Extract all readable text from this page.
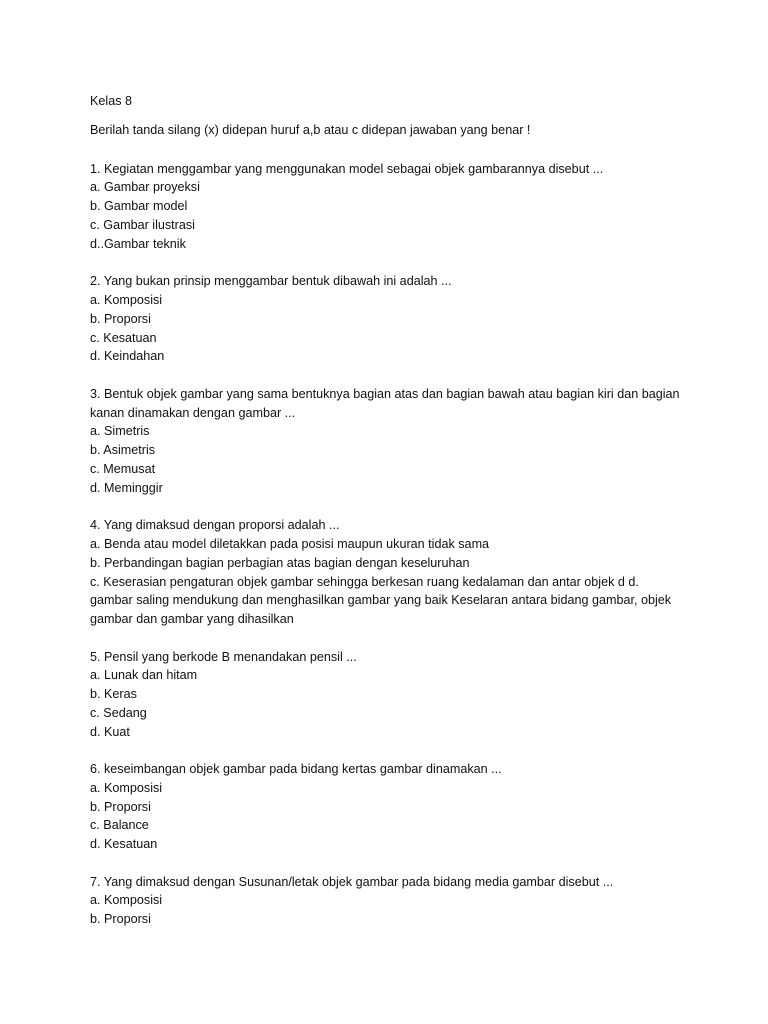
Kelas 8
Berilah tanda silang (x) didepan huruf a,b atau c didepan jawaban yang benar !
1. Kegiatan menggambar yang menggunakan model sebagai objek gambarannya disebut ...
a. Gambar proyeksi
b. Gambar model
c. Gambar ilustrasi
d..Gambar teknik
2. Yang bukan prinsip menggambar bentuk dibawah ini adalah ...
a. Komposisi
b. Proporsi
c. Kesatuan
d. Keindahan
3. Bentuk objek gambar yang sama bentuknya bagian atas dan bagian bawah atau bagian kiri dan bagian
kanan dinamakan dengan gambar ...
a. Simetris
b. Asimetris
c. Memusat
d. Meminggir
4. Yang dimaksud dengan proporsi adalah ...
a. Benda atau model diletakkan pada posisi maupun ukuran tidak sama
b. Perbandingan bagian perbagian atas bagian dengan keseluruhan
c. Keserasian pengaturan objek gambar sehingga berkesan ruang kedalaman dan antar objek d d.
gambar saling mendukung dan menghasilkan gambar yang baik Keselaran antara bidang gambar, objek
gambar dan gambar yang dihasilkan
5. Pensil yang berkode B menandakan pensil ...
a. Lunak dan hitam
b. Keras
c. Sedang
d. Kuat
6. keseimbangan objek gambar pada bidang kertas gambar dinamakan ...
a. Komposisi
b. Proporsi
c. Balance
d. Kesatuan
7. Yang dimaksud dengan Susunan/letak objek gambar pada bidang media gambar disebut ...
a. Komposisi
b. Proporsi
